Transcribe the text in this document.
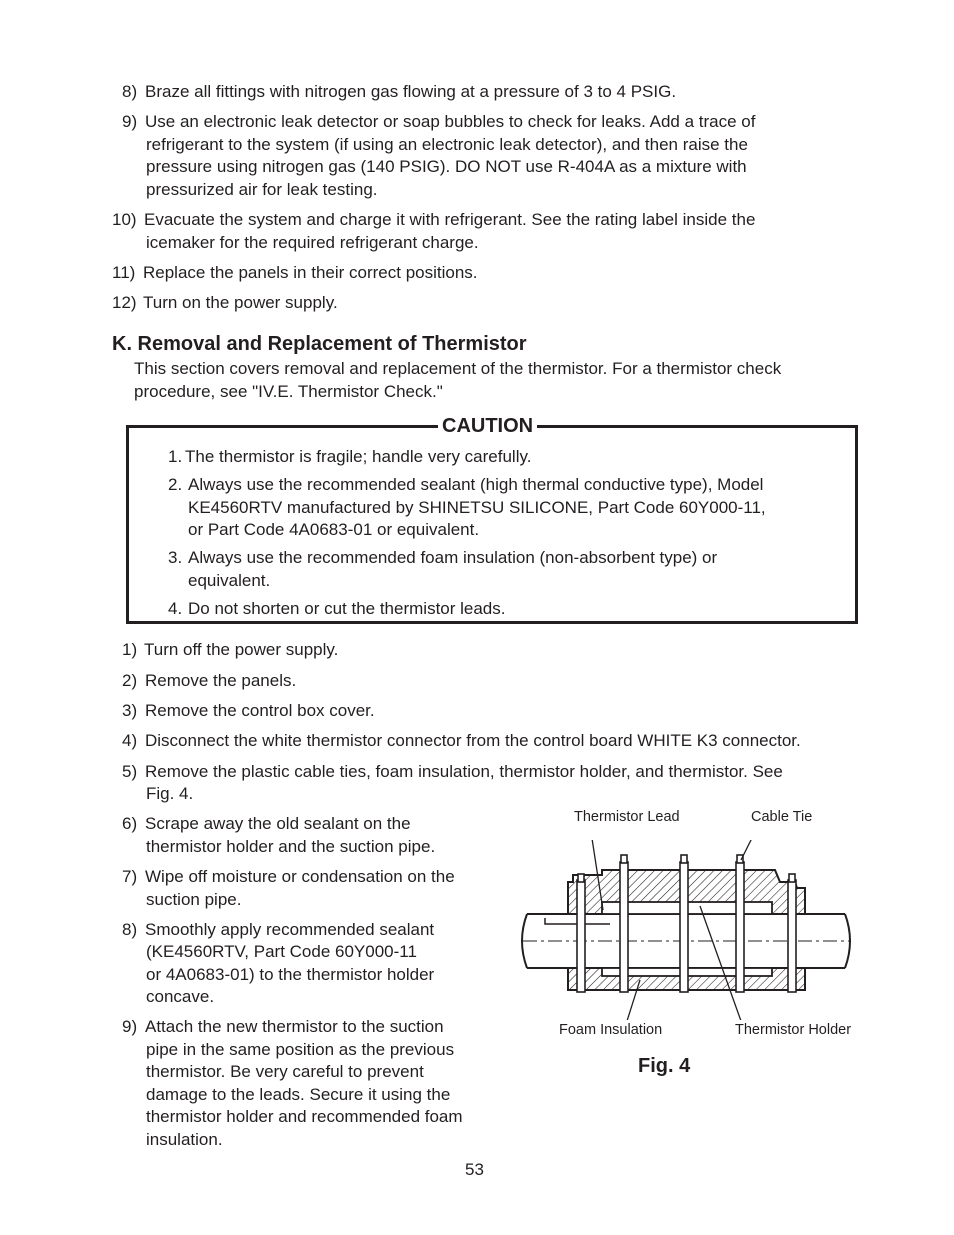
8) Braze all fittings with nitrogen gas flowing at a pressure of 3 to 4 PSIG.
9) Use an electronic leak detector or soap bubbles to check for leaks. Add a trace of
refrigerant to the system (if using an electronic leak detector), and then raise the
pressure using nitrogen gas (140 PSIG). DO NOT use R-404A as a mixture with
pressurized air for leak testing.
10) Evacuate the system and charge it with refrigerant. See the rating label inside the
icemaker for the required refrigerant charge.
11) Replace the panels in their correct positions.
12) Turn on the power supply.
K. Removal and Replacement of Thermistor
This section covers removal and replacement of the thermistor. For a thermistor check
procedure, see "IV.E. Thermistor Check."
CAUTION
1. The thermistor is fragile; handle very carefully.
2. Always use the recommended sealant (high thermal conductive type), Model
KE4560RTV manufactured by SHINETSU SILICONE, Part Code 60Y000-11,
or Part Code 4A0683-01 or equivalent.
3. Always use the recommended foam insulation (non-absorbent type) or
equivalent.
4. Do not shorten or cut the thermistor leads.
1) Turn off the power supply.
2) Remove the panels.
3) Remove the control box cover.
4) Disconnect the white thermistor connector from the control board WHITE K3 connector.
5) Remove the plastic cable ties, foam insulation, thermistor holder, and thermistor. See
Fig. 4.
6) Scrape away the old sealant on the
thermistor holder and the suction pipe.
7) Wipe off moisture or condensation on the
suction pipe.
8) Smoothly apply recommended sealant
(KE4560RTV, Part Code 60Y000-11
or 4A0683-01) to the thermistor holder
concave.
9) Attach the new thermistor to the suction
pipe in the same position as the previous
thermistor. Be very careful to prevent
damage to the leads. Secure it using the
thermistor holder and recommended foam
insulation.
Thermistor Lead	Cable Tie
Foam Insulation	Thermistor Holder
Fig. 4
53
